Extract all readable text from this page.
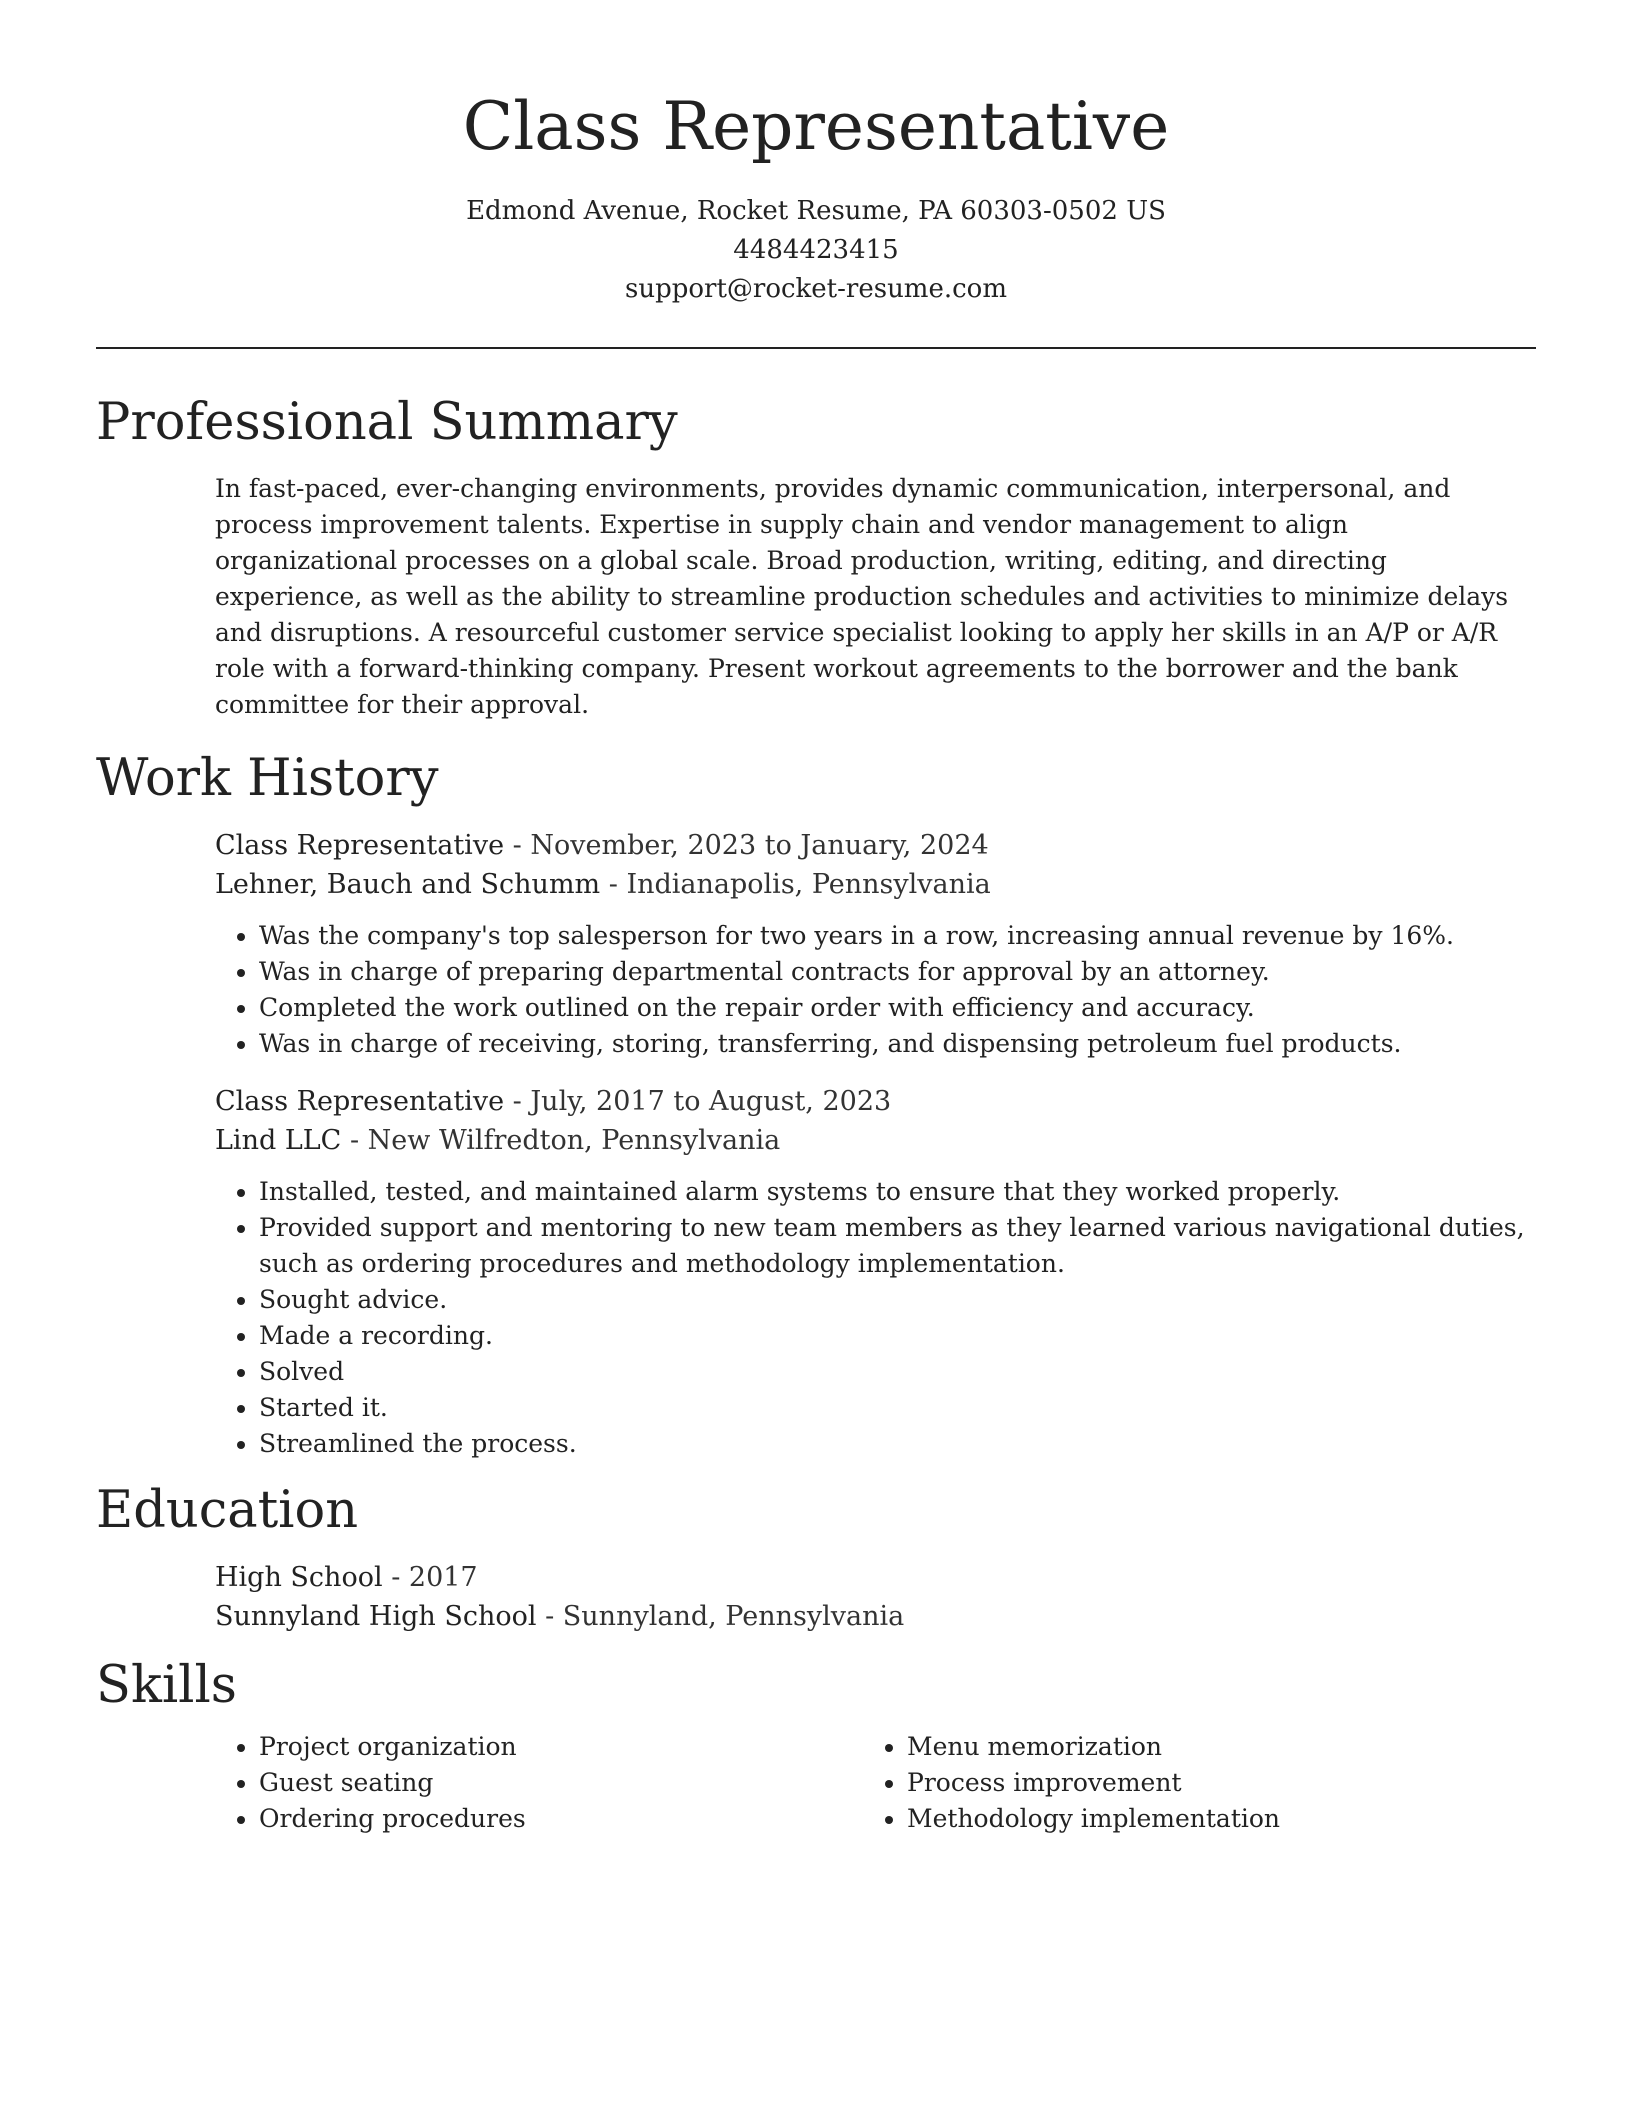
Class Representative
Edmond Avenue, Rocket Resume, PA 60303-0502 US
4484423415
support@rocket-resume.com
Professional Summary
In fast-paced, ever-changing environments, provides dynamic communication, interpersonal, and process improvement talents. Expertise in supply chain and vendor management to align organizational processes on a global scale. Broad production, writing, editing, and directing experience, as well as the ability to streamline production schedules and activities to minimize delays and disruptions. A resourceful customer service specialist looking to apply her skills in an A/P or A/R role with a forward-thinking company. Present workout agreements to the borrower and the bank committee for their approval.
Work History
Class Representative - November, 2023 to January, 2024
Lehner, Bauch and Schumm - Indianapolis, Pennsylvania
• Was the company's top salesperson for two years in a row, increasing annual revenue by 16%.
• Was in charge of preparing departmental contracts for approval by an attorney.
• Completed the work outlined on the repair order with efficiency and accuracy.
• Was in charge of receiving, storing, transferring, and dispensing petroleum fuel products.
Class Representative - July, 2017 to August, 2023
Lind LLC - New Wilfredton, Pennsylvania
• Installed, tested, and maintained alarm systems to ensure that they worked properly.
• Provided support and mentoring to new team members as they learned various navigational duties, such as ordering procedures and methodology implementation.
• Sought advice.
• Made a recording.
• Solved
• Started it.
• Streamlined the process.
Education
High School - 2017
Sunnyland High School - Sunnyland, Pennsylvania
Skills
• Project organization
• Guest seating
• Ordering procedures
• Menu memorization
• Process improvement
• Methodology implementation
